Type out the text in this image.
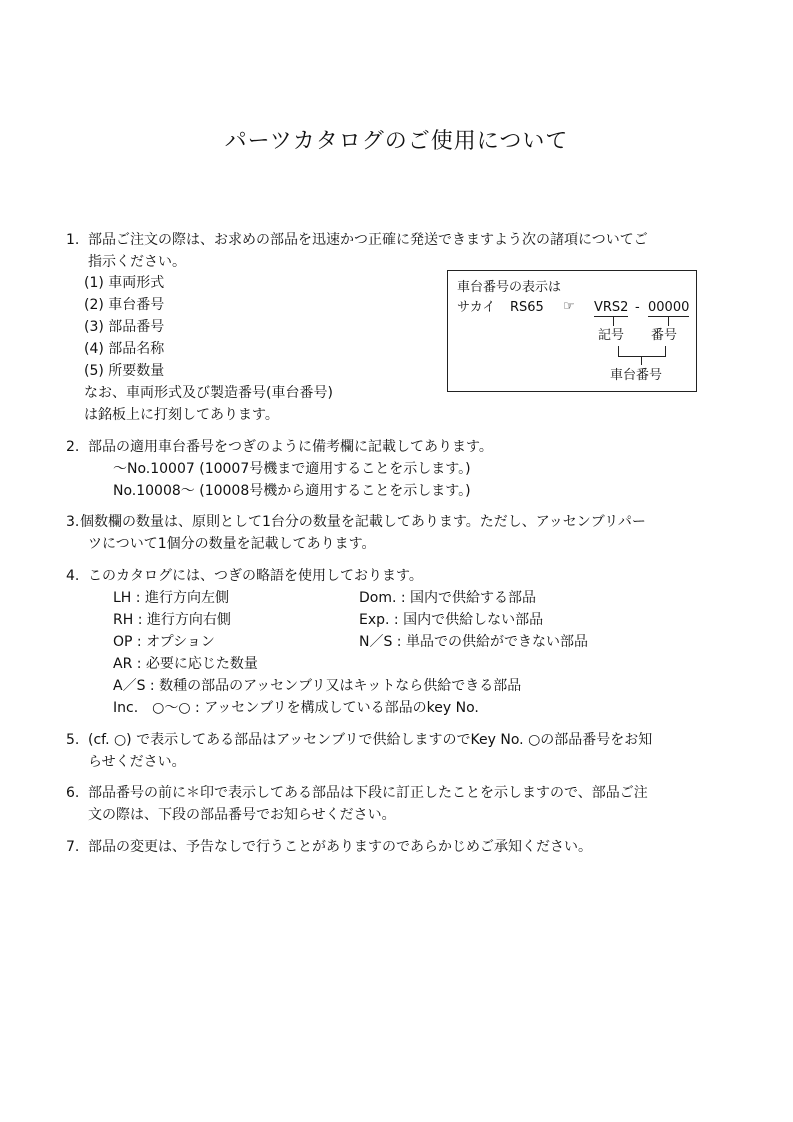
パーツカタログのご使用について
1. 部品ご注文の際は、お求めの部品を迅速かつ正確に発送できますよう次の諸項についてご
指示ください。
(1) 車両形式
(2) 車台番号
(3) 部品番号
(4) 部品名称
(5) 所要数量
なお、車両形式及び製造番号(車台番号)
は銘板上に打刻してあります。
車台番号の表示は
サカイ RS65 ☞ VRS2 - 00000
記号 番号
車台番号
2. 部品の適用車台番号をつぎのように備考欄に記載してあります。
〜No.10007 (10007号機まで適用することを示します。)
No.10008〜 (10008号機から適用することを示します。)
3. 個数欄の数量は、原則として1台分の数量を記載してあります。ただし、アッセンブリパー
ツについて1個分の数量を記載してあります。
4. このカタログには、つぎの略語を使用しております。
LH : 進行方向左側
RH : 進行方向右側
OP : オプション
AR : 必要に応じた数量
A／S : 数種の部品のアッセンブリ又はキットなら供給できる部品
Inc.　○〜○ : アッセンブリを構成している部品のkey No.
Dom. : 国内で供給する部品
Exp. : 国内で供給しない部品
N／S : 単品での供給ができない部品
5. (cf. ○) で表示してある部品はアッセンブリで供給しますのでKey No. ○の部品番号をお知
らせください。
6. 部品番号の前に＊印で表示してある部品は下段に訂正したことを示しますので、部品ご注
文の際は、下段の部品番号でお知らせください。
7. 部品の変更は、予告なしで行うことがありますのであらかじめご承知ください。
